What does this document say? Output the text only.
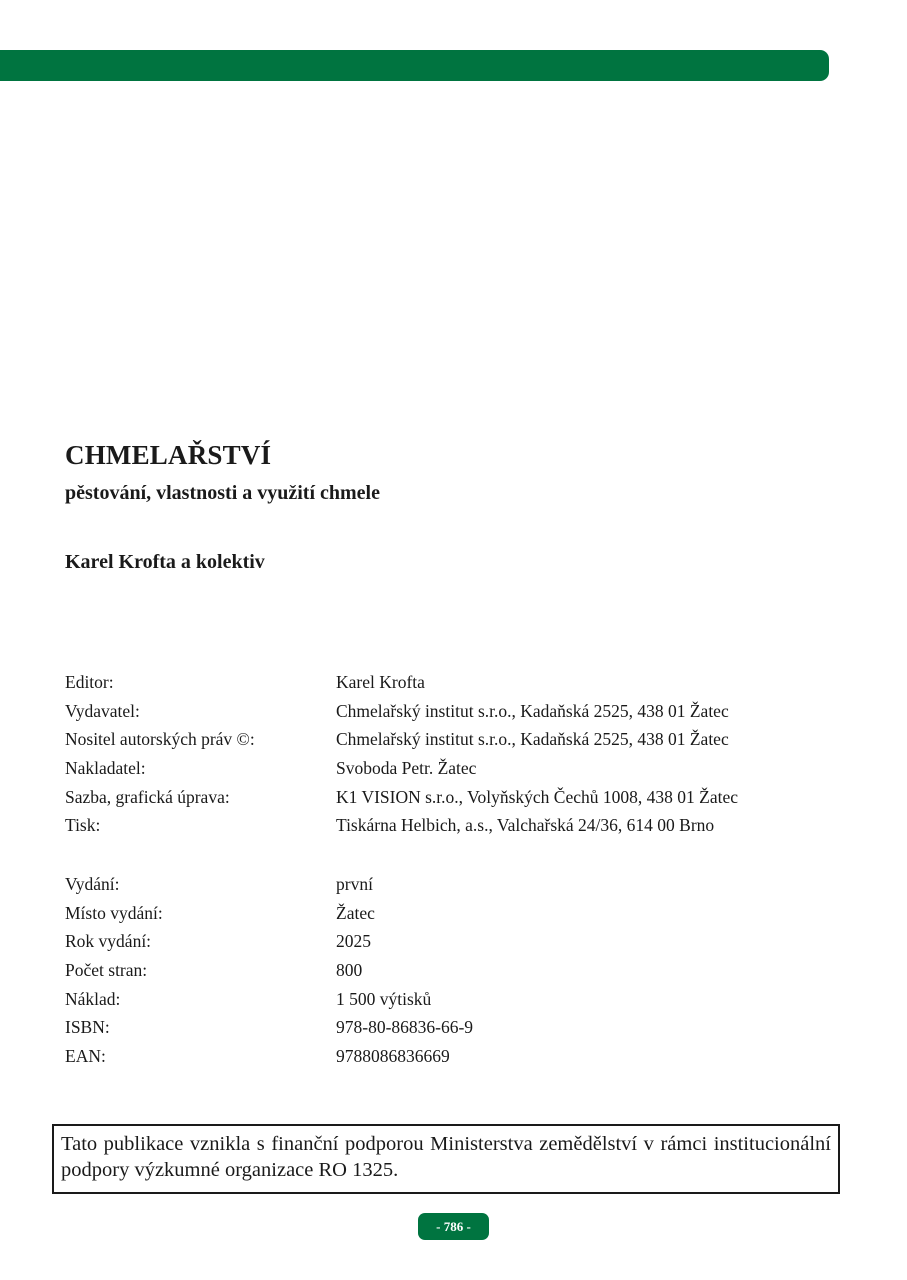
CHMELAŘSTVÍ
pěstování, vlastnosti a využití chmele
Karel Krofta a kolektiv
Editor:	Karel Krofta
Vydavatel:	Chmelařský institut s.r.o., Kadaňská 2525, 438 01 Žatec
Nositel autorských práv ©:	Chmelařský institut s.r.o., Kadaňská 2525, 438 01 Žatec
Nakladatel:	Svoboda Petr. Žatec
Sazba, grafická úprava:	K1 VISION s.r.o., Volyňských Čechů 1008, 438 01 Žatec
Tisk:	Tiskárna Helbich, a.s., Valchařská 24/36, 614 00 Brno
Vydání:	první
Místo vydání:	Žatec
Rok vydání:	2025
Počet stran:	800
Náklad:	1 500 výtisků
ISBN:	978-80-86836-66-9
EAN:	9788086836669
Tato publikace vznikla s finanční podporou Ministerstva zemědělství v rámci institucionální podpory výzkumné organizace RO 1325.
- 786 -
